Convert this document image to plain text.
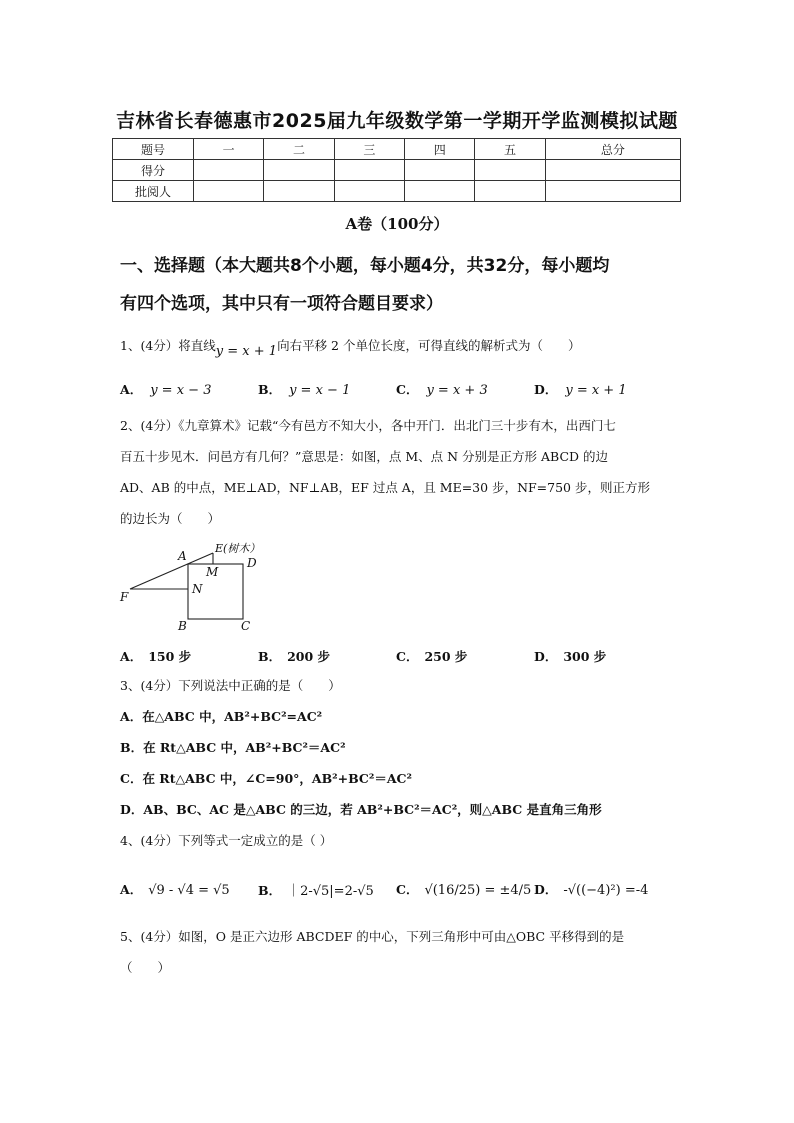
吉林省长春德惠市2025届九年级数学第一学期开学监测模拟试题
题号	一	二	三	四	五	总分
得分						
批阅人						
A卷（100分）
一、选择题（本大题共8个小题，每小题4分，共32分，每小题均
有四个选项，其中只有一项符合题目要求）
1、(4分）将直线y = x + 1向右平移 2 个单位长度，可得直线的解析式为（　　）
A． y = x − 3	B． y = x − 1	C． y = x + 3	D． y = x + 1
2、(4分）《九章算术》记载“今有邑方不知大小，各中开门．出北门三十步有木，出西门七
百五十步见木．问邑方有几何？”意思是：如图，点 M、点 N 分别是正方形 ABCD 的边
AD、AB 的中点，ME⊥AD，NF⊥AB，EF 过点 A，且 ME=30 步，NF=750 步，则正方形
的边长为（　　）
A
E(树木）
M
D
F
N
B	C
A． 150 步	B． 200 步	C． 250 步	D． 300 步
3、(4分）下列说法中正确的是（　　）
A．在△ABC 中，AB²+BC²=AC²
B．在 Rt△ABC 中，AB²+BC²＝AC²
C．在 Rt△ABC 中，∠C=90°，AB²+BC²＝AC²
D．AB、BC、AC 是△ABC 的三边，若 AB²+BC²＝AC²，则△ABC 是直角三角形
4、(4分）下列等式一定成立的是（ ）
A． √9 - √4 = √5 B． ｜2-√5|=2-√5 C． √(16/25) = ±4/5 D． -√((−4)²) =-4
5、(4分）如图，O 是正六边形 ABCDEF 的中心，下列三角形中可由△OBC 平移得到的是
（　　）
